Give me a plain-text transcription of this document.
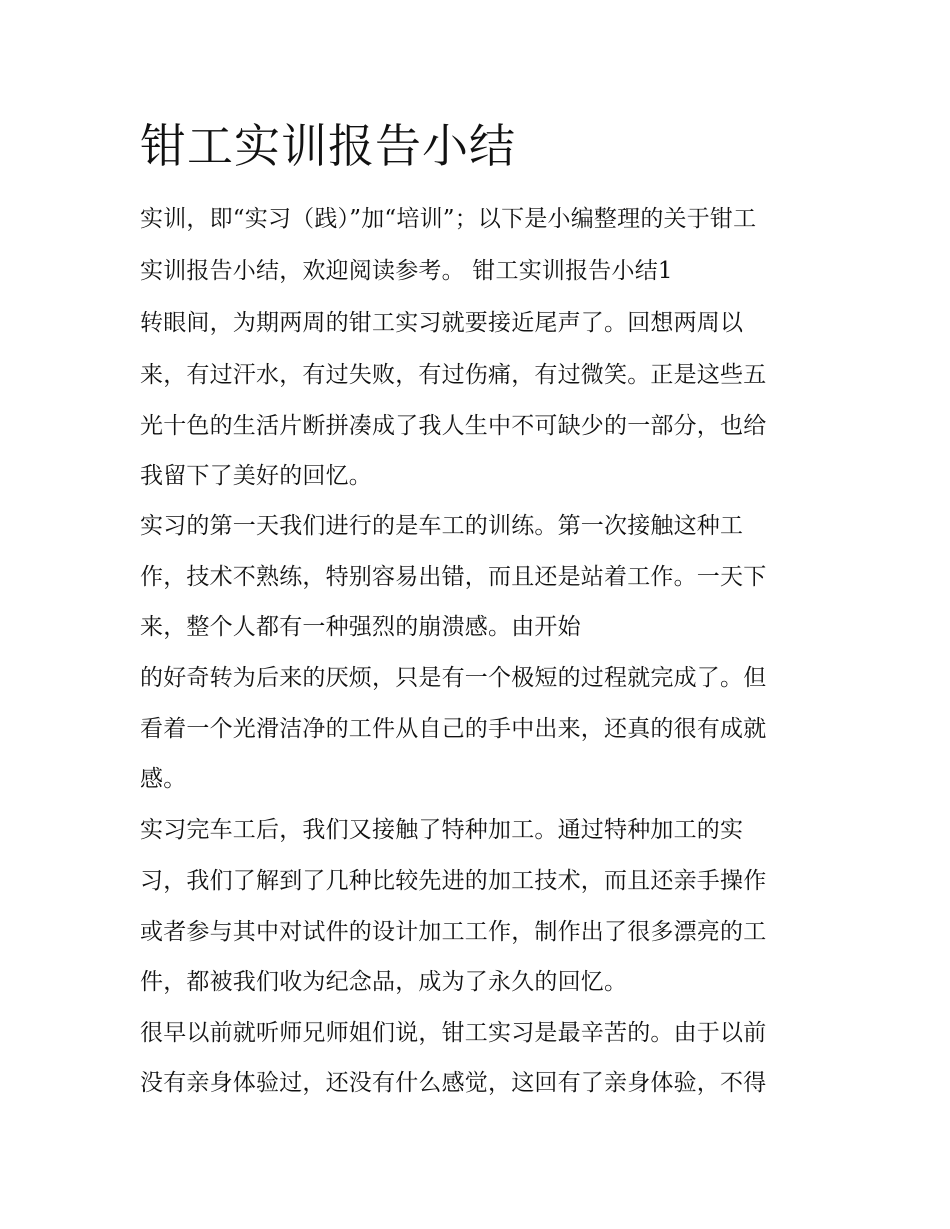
钳工实训报告小结
实训，即“实习（践）”加“培训”；以下是小编整理的关于钳工
实训报告小结，欢迎阅读参考。 钳工实训报告小结1
转眼间，为期两周的钳工实习就要接近尾声了。回想两周以
来，有过汗水，有过失败，有过伤痛，有过微笑。正是这些五
光十色的生活片断拼凑成了我人生中不可缺少的一部分，也给
我留下了美好的回忆。
实习的第一天我们进行的是车工的训练。第一次接触这种工
作，技术不熟练，特别容易出错，而且还是站着工作。一天下
来，整个人都有一种强烈的崩溃感。由开始
的好奇转为后来的厌烦，只是有一个极短的过程就完成了。但
看着一个光滑洁净的工件从自己的手中出来，还真的很有成就
感。
实习完车工后，我们又接触了特种加工。通过特种加工的实
习，我们了解到了几种比较先进的加工技术，而且还亲手操作
或者参与其中对试件的设计加工工作，制作出了很多漂亮的工
件，都被我们收为纪念品，成为了永久的回忆。
很早以前就听师兄师姐们说，钳工实习是最辛苦的。由于以前
没有亲身体验过，还没有什么感觉，这回有了亲身体验，不得
